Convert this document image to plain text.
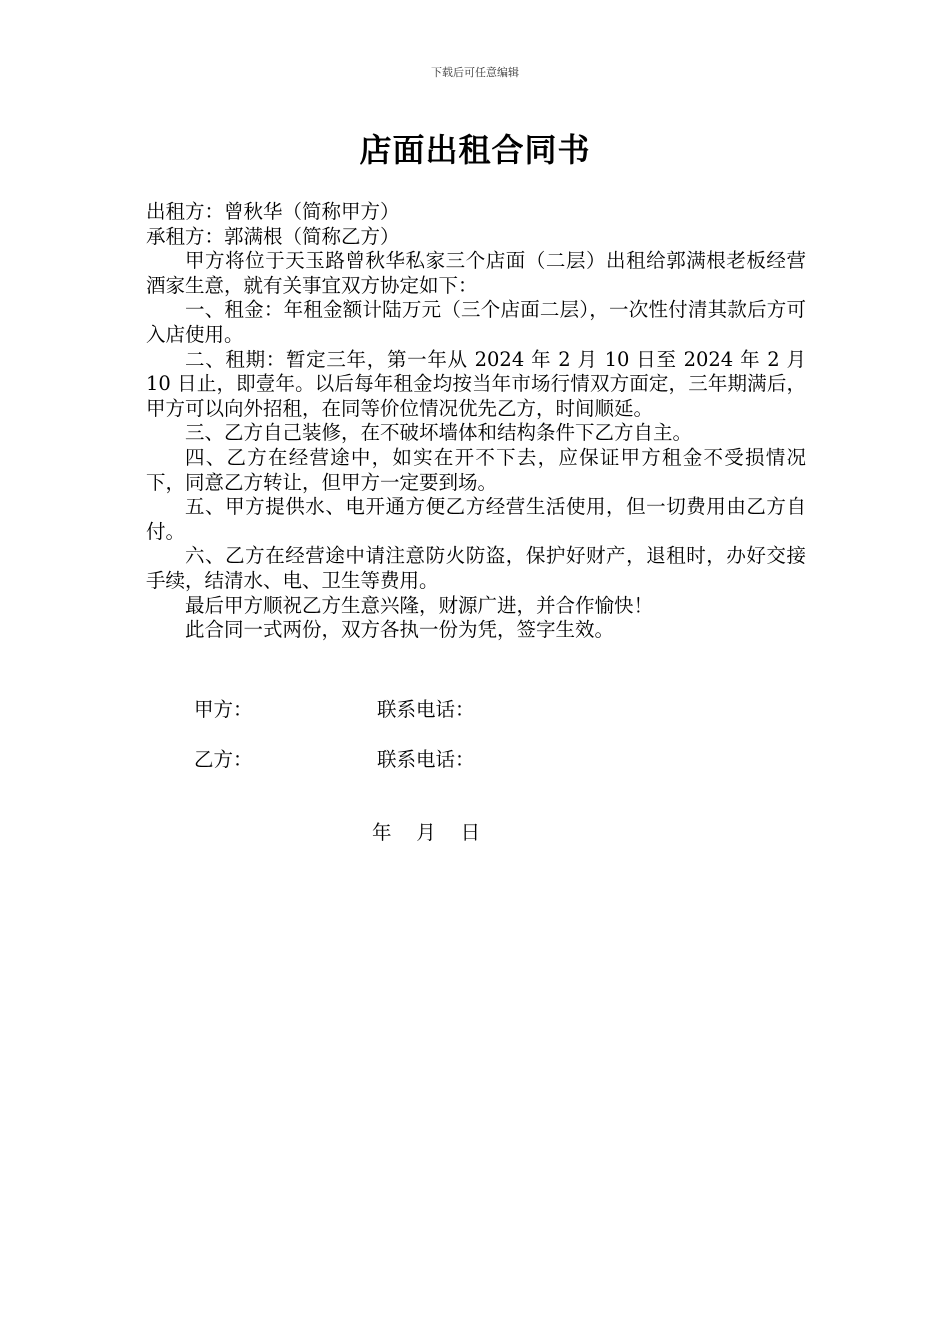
下载后可任意编辑
店面出租合同书

出租方：曾秋华（简称甲方）

承租方：郭满根（简称乙方）

甲方将位于天玉路曾秋华私家三个店面（二层）出租给郭满根老板经营酒家生意，就有关事宜双方协定如下：

一、租金：年租金额计陆万元（三个店面二层），一次性付清其款后方可入店使用。

二、租期：暂定三年，第一年从 2024 年 2 月 10 日至 2024 年 2 月 10 日止，即壹年。以后每年租金均按当年市场行情双方面定，三年期满后，甲方可以向外招租，在同等价位情况优先乙方，时间顺延。

三、乙方自己装修，在不破坏墙体和结构条件下乙方自主。

四、乙方在经营途中，如实在开不下去，应保证甲方租金不受损情况下，同意乙方转让，但甲方一定要到场。

五、甲方提供水、电开通方便乙方经营生活使用，但一切费用由乙方自付。

六、乙方在经营途中请注意防火防盗，保护好财产，退租时，办好交接手续，结清水、电、卫生等费用。

最后甲方顺祝乙方生意兴隆，财源广进，并合作愉快！

此合同一式两份，双方各执一份为凭，签字生效。

甲方：	联系电话：
乙方：	联系电话：
年    月    日
